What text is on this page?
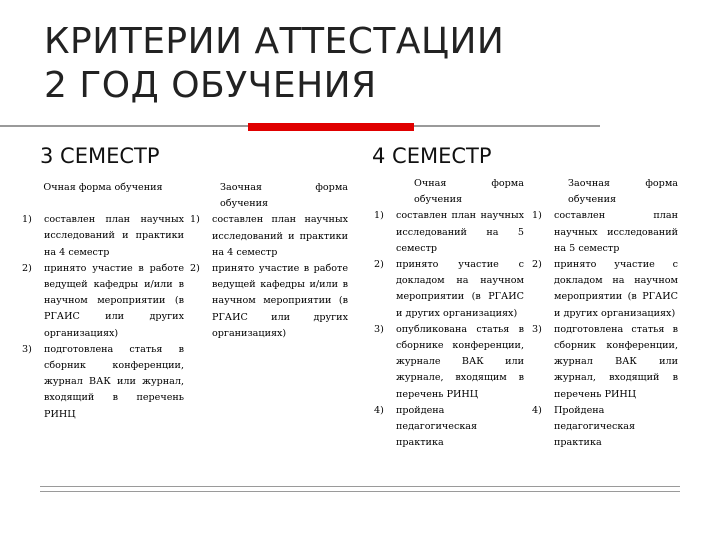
КРИТЕРИИ АТТЕСТАЦИИ
2 ГОД ОБУЧЕНИЯ
3 СЕМЕСТР	4 СЕМЕСТР
Очная форма обучения
1) составлен план научных исследований и практики на 4 семестр
2) принято участие в работе ведущей кафедры и/или в научном мероприятии (в РГАИС или других организациях)
3) подготовлена статья в сборник конференции, журнал ВАК или журнал, входящий в перечень РИНЦ
Заочная форма обучения
1) составлен план научных исследований и практики на 4 семестр
2) принято участие в работе ведущей кафедры и/или в научном мероприятии (в РГАИС или других организациях)
Очная форма обучения
1) составлен план научных исследований на 5 семестр
2) принято участие с докладом на научном мероприятии (в РГАИС и других организациях)
3) опубликована статья в сборнике конференции, журнале ВАК или журнале, входящим в перечень РИНЦ
4) пройдена педагогическая практика
Заочная форма обучения
1) составлен план научных исследований на 5 семестр
2) принято участие с докладом на научном мероприятии (в РГАИС и других организациях)
3) подготовлена статья в сборник конференции, журнал ВАК или журнал, входящий в перечень РИНЦ
4) Пройдена педагогическая практика
